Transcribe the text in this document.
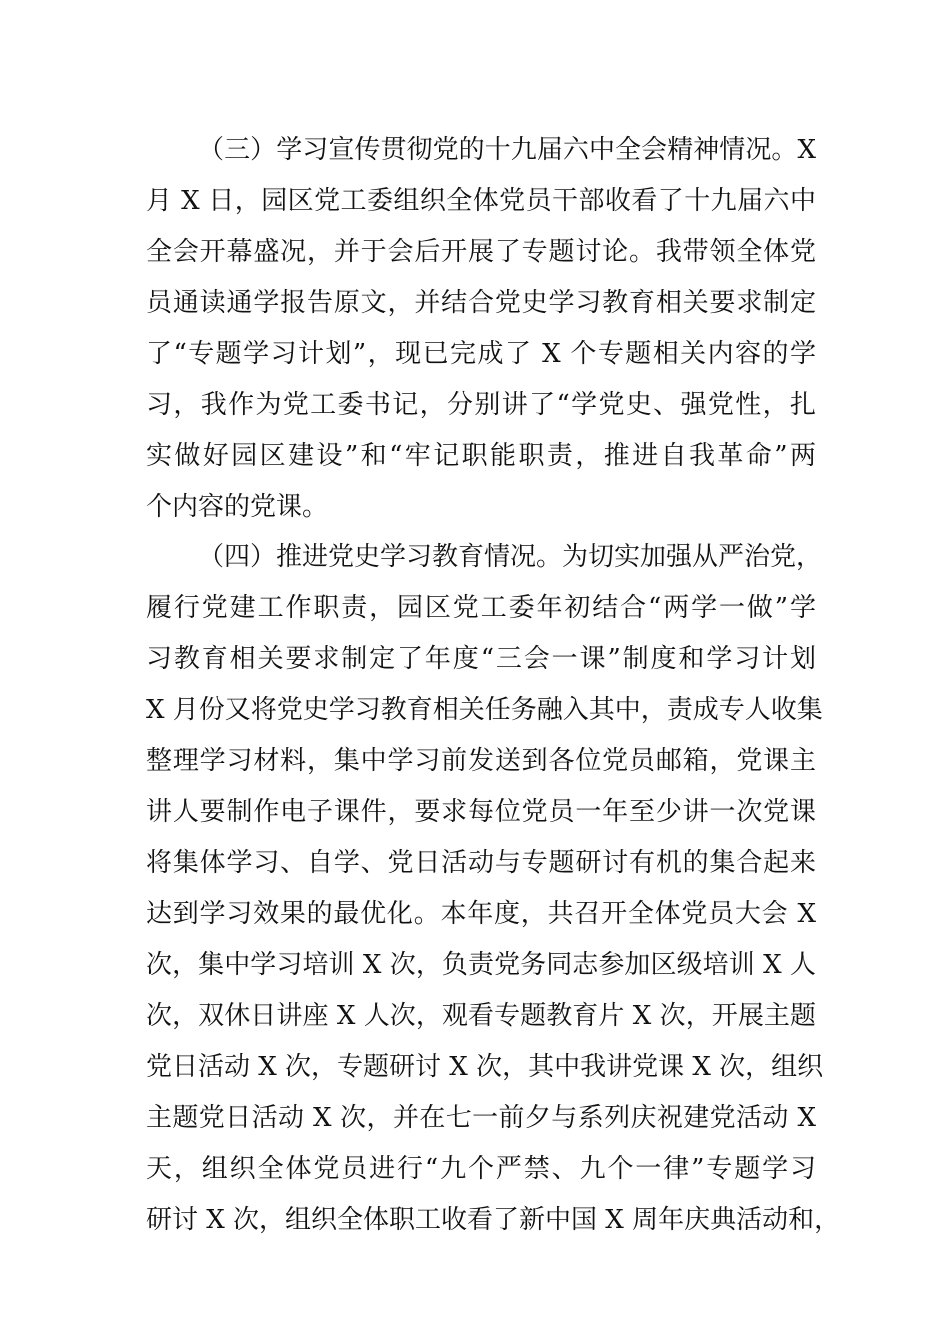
（三）学习宣传贯彻党的十九届六中全会精神情况。X
月 X 日，园区党工委组织全体党员干部收看了十九届六中
全会开幕盛况，并于会后开展了专题讨论。我带领全体党
员通读通学报告原文，并结合党史学习教育相关要求制定
了“专题学习计划”，现已完成了 X 个专题相关内容的学
习，我作为党工委书记，分别讲了“学党史、强党性，扎
实做好园区建设”和“牢记职能职责，推进自我革命”两
个内容的党课。
（四）推进党史学习教育情况。为切实加强从严治党，
履行党建工作职责，园区党工委年初结合“两学一做”学
习教育相关要求制定了年度“三会一课”制度和学习计划
X 月份又将党史学习教育相关任务融入其中，责成专人收集
整理学习材料，集中学习前发送到各位党员邮箱，党课主
讲人要制作电子课件，要求每位党员一年至少讲一次党课
将集体学习、自学、党日活动与专题研讨有机的集合起来
达到学习效果的最优化。本年度，共召开全体党员大会 X
次，集中学习培训 X 次，负责党务同志参加区级培训 X 人
次，双休日讲座 X 人次，观看专题教育片 X 次，开展主题
党日活动 X 次，专题研讨 X 次，其中我讲党课 X 次，组织
主题党日活动 X 次，并在七一前夕与系列庆祝建党活动 X
天，组织全体党员进行“九个严禁、九个一律”专题学习
研讨 X 次，组织全体职工收看了新中国 X 周年庆典活动和，
